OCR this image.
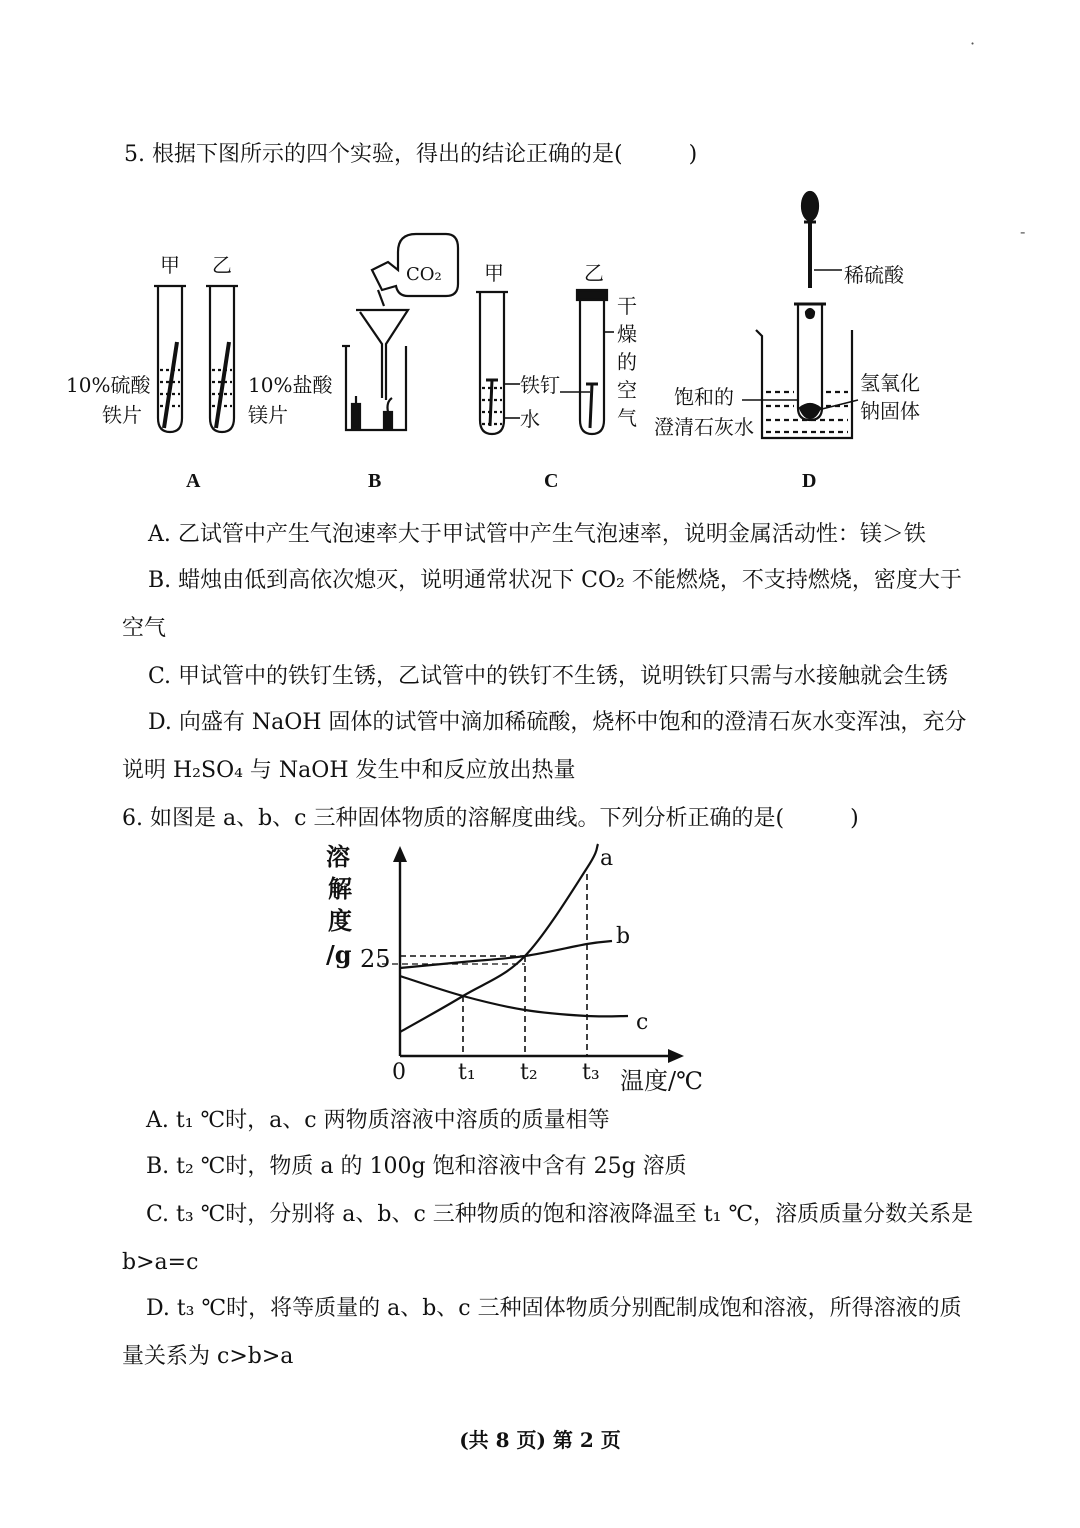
·
-
5. 根据下图所示的四个实验，得出的结论正确的是(　　　)
甲 乙
10%硫酸
铁片
10%盐酸
镁片
A
CO₂
B
甲	乙
铁钉
水
干燥的空气
C
稀硫酸
饱和的
澄清石灰水
氢氧化
钠固体
D
A. 乙试管中产生气泡速率大于甲试管中产生气泡速率，说明金属活动性：镁＞铁
B. 蜡烛由低到高依次熄灭，说明通常状况下 CO₂ 不能燃烧，不支持燃烧，密度大于
空气
C. 甲试管中的铁钉生锈，乙试管中的铁钉不生锈，说明铁钉只需与水接触就会生锈
D. 向盛有 NaOH 固体的试管中滴加稀硫酸，烧杯中饱和的澄清石灰水变浑浊，充分
说明 H₂SO₄ 与 NaOH 发生中和反应放出热量
6. 如图是 a、b、c 三种固体物质的溶解度曲线。下列分析正确的是(　　　)
溶
解
度
/g 25
0 t₁ t₂ t₃ 温度/℃
a
b
c
A. t₁ ℃时，a、c 两物质溶液中溶质的质量相等
B. t₂ ℃时，物质 a 的 100g 饱和溶液中含有 25g 溶质
C. t₃ ℃时，分别将 a、b、c 三种物质的饱和溶液降温至 t₁ ℃，溶质质量分数关系是
b>a=c
D. t₃ ℃时，将等质量的 a、b、c 三种固体物质分别配制成饱和溶液，所得溶液的质
量关系为 c>b>a
(共 8 页) 第 2 页
